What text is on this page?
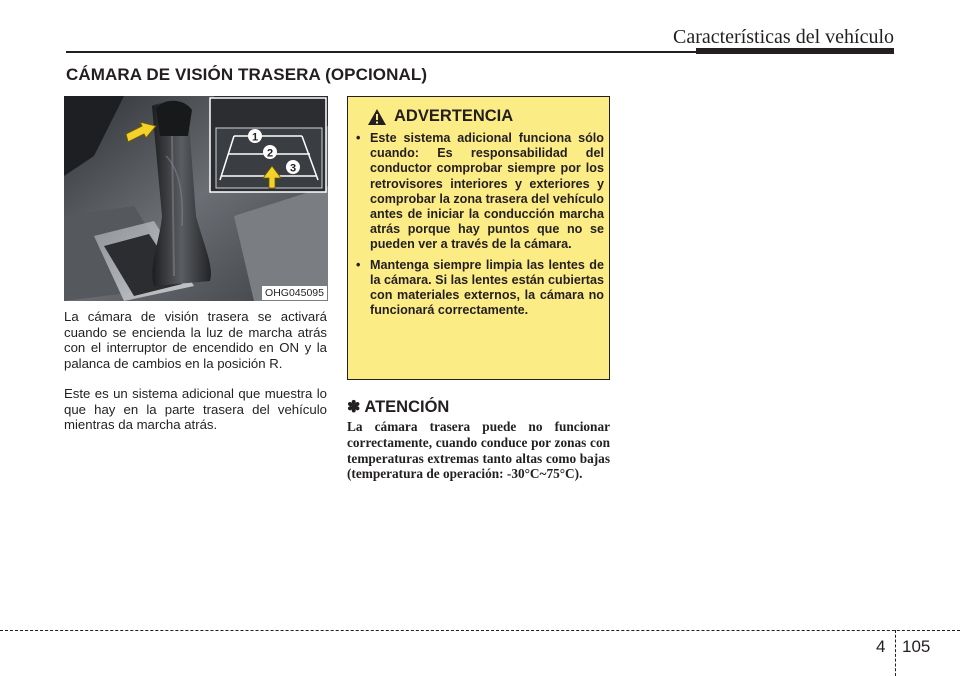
Características del vehículo
CÁMARA DE VISIÓN TRASERA (OPCIONAL)
1
2
3
OHG045095

La cámara de visión trasera se activará cuando se encienda la luz de marcha atrás con el interruptor de encendido en ON y la palanca de cambios en la posición R.

Este es un sistema adicional que muestra lo que hay en la parte trasera del vehículo mientras da marcha atrás.

ADVERTENCIA
• Este sistema adicional funciona sólo cuando: Es responsabilidad del conductor comprobar siempre por los retrovisores interiores y exteriores y comprobar la zona trasera del vehículo antes de iniciar la conducción marcha atrás porque hay puntos que no se pueden ver a través de la cámara.
• Mantenga siempre limpia las lentes de la cámara. Si las lentes están cubiertas con materiales externos, la cámara no funcionará correctamente.
✽ ATENCIÓN

La cámara trasera puede no funcionar correctamente, cuando conduce por zonas con temperaturas extremas tanto altas como bajas (temperatura de operación: -30°C~75°C).

4 105
